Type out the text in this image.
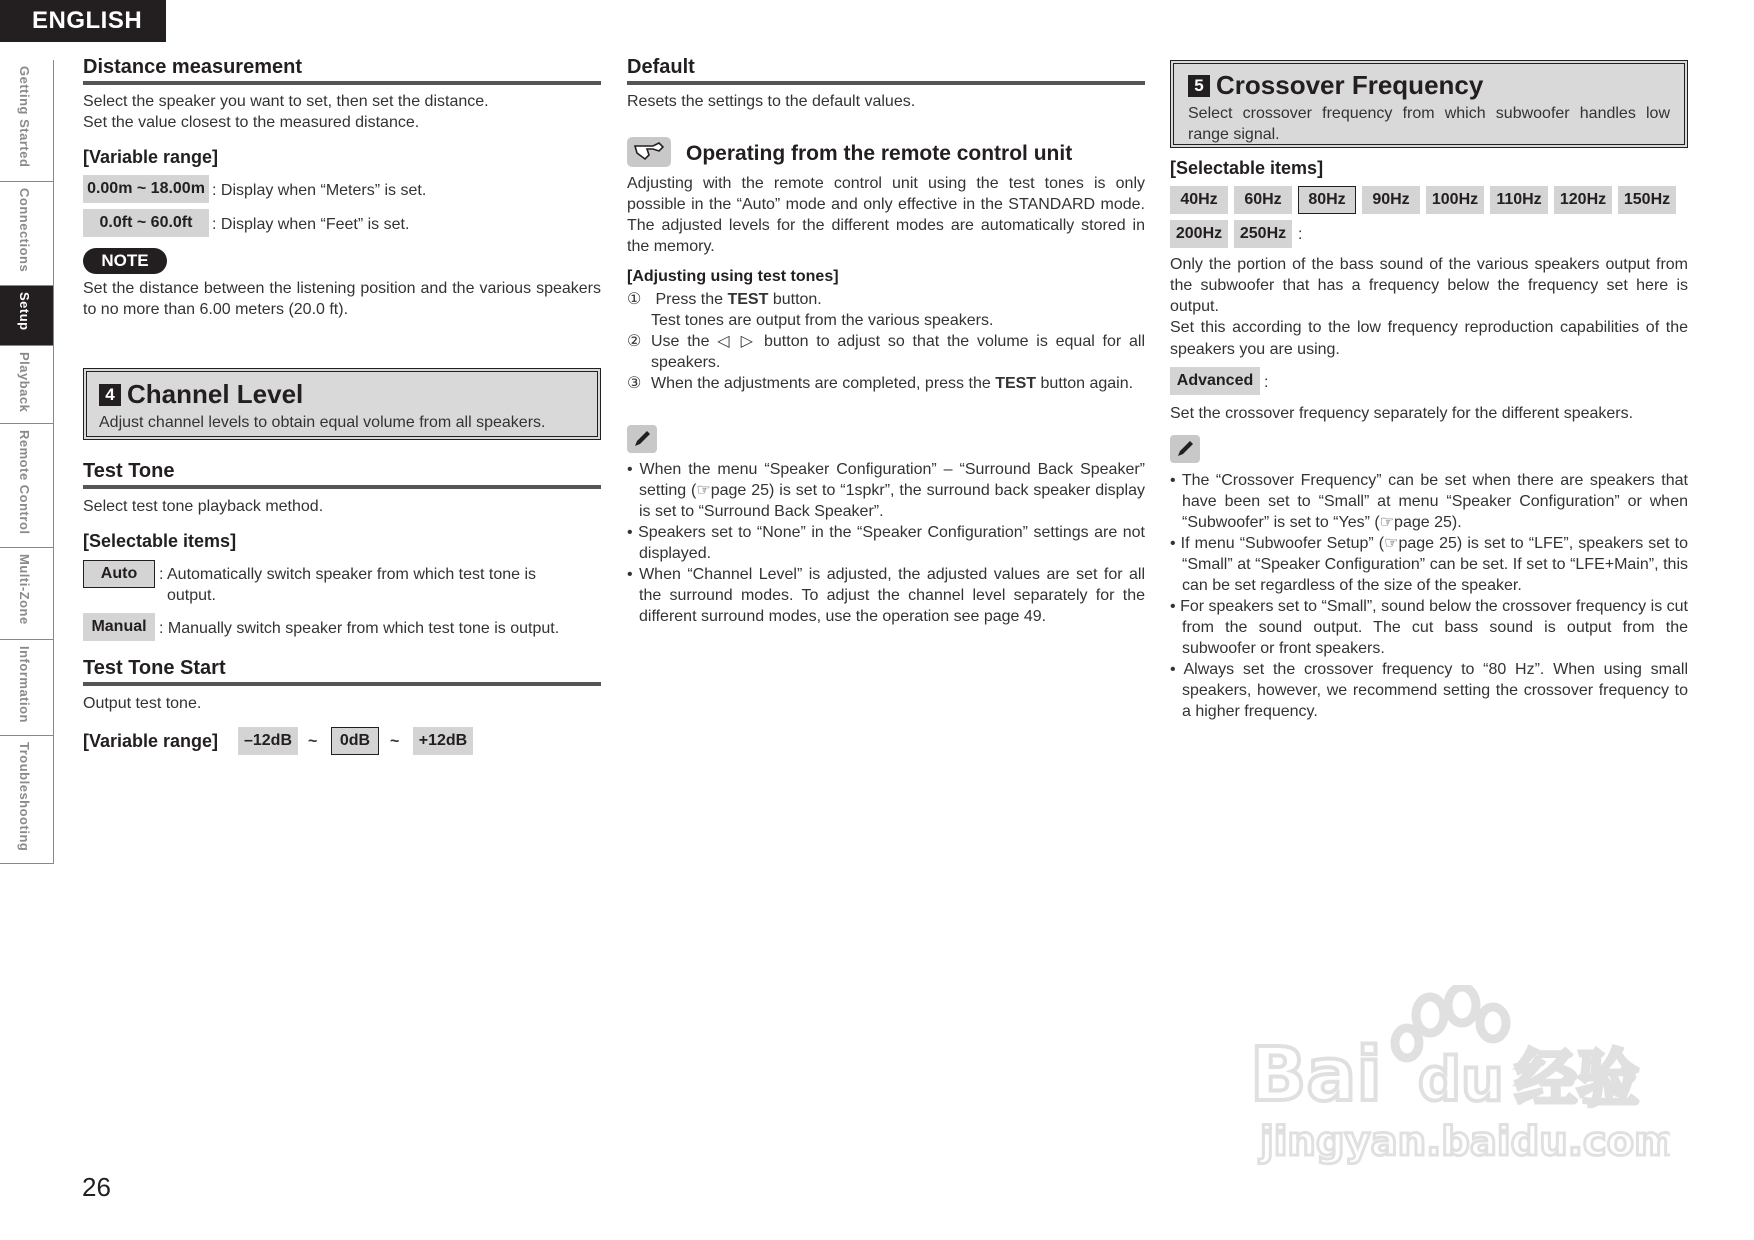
ENGLISH
Getting Started
Connections
Setup
Playback
Remote Control
Multi-Zone
Information
Troubleshooting
Distance measurement
Select the speaker you want to set, then set the distance.
Set the value closest to the measured distance.
[Variable range]
0.00m ~ 18.00m : Display when “Meters” is set.
0.0ft ~ 60.0ft	: Display when “Feet” is set.
NOTE
Set the distance between the listening position and the various speakers to no more than 6.00 meters (20.0 ft).
4 Channel Level
Adjust channel levels to obtain equal volume from all speakers.
Test Tone
Select test tone playback method.
[Selectable items]
Auto	: Automatically switch speaker from which test tone is
output.
Manual : Manually switch speaker from which test tone is output.
Test Tone Start
Output test tone.
[Variable range]	–12dB ~	0dB	~	+12dB
Default
Resets the settings to the default values.
Operating from the remote control unit
Adjusting with the remote control unit using the test tones is only possible in the “Auto” mode and only effective in the STANDARD mode. The adjusted levels for the different modes are automatically stored in the memory.
[Adjusting using test tones]
① Press the TEST button.
Test tones are output from the various speakers.
② Use the ◁ ▷ button to adjust so that the volume is equal for all speakers.
③ When the adjustments are completed, press the TEST button again.
• When the menu “Speaker Configuration” – “Surround Back Speaker” setting (☞page 25) is set to “1spkr”, the surround back speaker display is set to “Surround Back Speaker”.
• Speakers set to “None” in the “Speaker Configuration” settings are not displayed.
• When “Channel Level” is adjusted, the adjusted values are set for all the surround modes. To adjust the channel level separately for the different surround modes, use the operation see page 49.
5 Crossover Frequency
Select crossover frequency from which subwoofer handles low range signal.
[Selectable items]
40Hz	60Hz	80Hz	90Hz	100Hz	110Hz	120Hz	150Hz
200Hz	250Hz :
Only the portion of the bass sound of the various speakers output from the subwoofer that has a frequency below the frequency set here is output.
Set this according to the low frequency reproduction capabilities of the speakers you are using.
Advanced :
Set the crossover frequency separately for the different speakers.
• The “Crossover Frequency” can be set when there are speakers that have been set to “Small” at menu “Speaker Configuration” or when “Subwoofer” is set to “Yes” (☞page 25).
• If menu “Subwoofer Setup” (☞page 25) is set to “LFE”, speakers set to “Small” at “Speaker Configuration” can be set. If set to “LFE+Main”, this can be set regardless of the size of the speaker.
• For speakers set to “Small”, sound below the crossover frequency is cut from the sound output. The cut bass sound is output from the subwoofer or front speakers.
• Always set the crossover frequency to “80 Hz”. When using small speakers, however, we recommend setting the crossover frequency to a higher frequency.
26
Bai du 经验
jingyan.baidu.com
